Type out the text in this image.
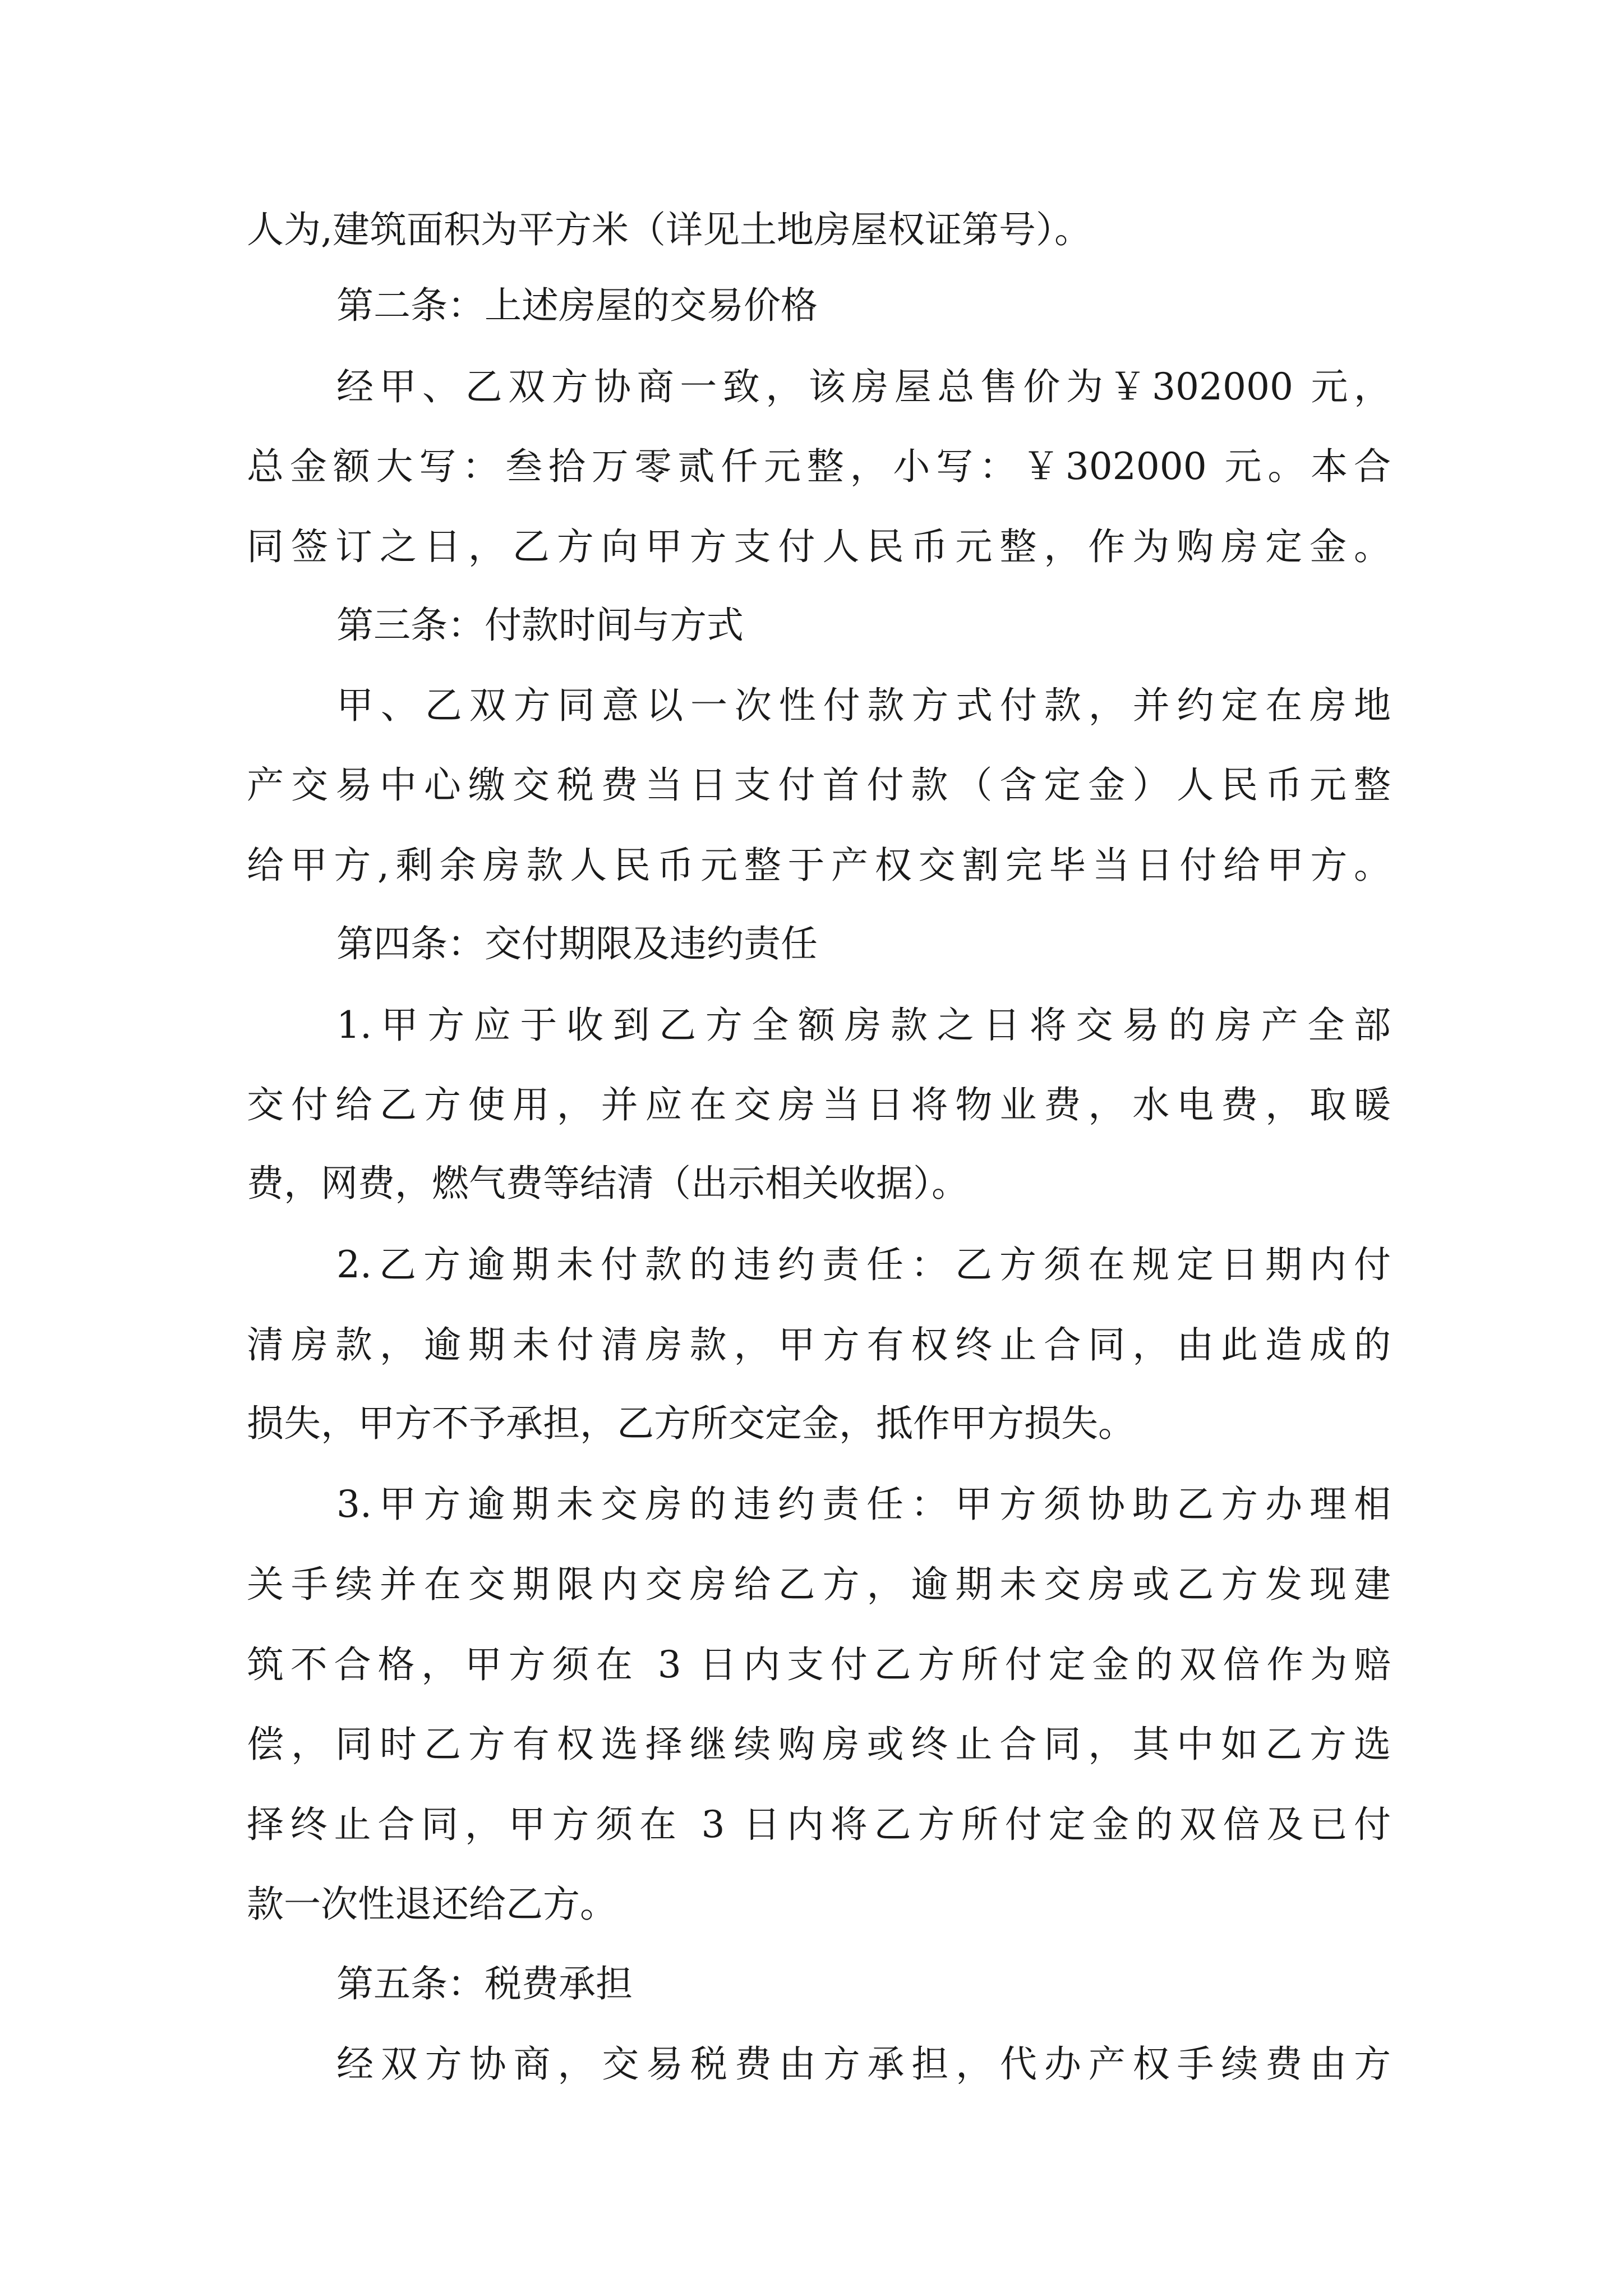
人为,建筑面积为平方米（详见土地房屋权证第号）。
第二条：上述房屋的交易价格
经甲、乙双方协商一致，该房屋总售价为￥302000 元，
总金额大写：叁拾万零贰仟元整，小写：￥302000 元。本合
同签订之日，乙方向甲方支付人民币元整，作为购房定金。
第三条：付款时间与方式
甲、乙双方同意以一次性付款方式付款，并约定在房地
产交易中心缴交税费当日支付首付款（含定金）人民币元整
给甲方,剩余房款人民币元整于产权交割完毕当日付给甲方。
第四条：交付期限及违约责任
1.甲方应于收到乙方全额房款之日将交易的房产全部
交付给乙方使用，并应在交房当日将物业费，水电费，取暖
费，网费，燃气费等结清（出示相关收据）。
2.乙方逾期未付款的违约责任：乙方须在规定日期内付
清房款，逾期未付清房款，甲方有权终止合同，由此造成的
损失，甲方不予承担，乙方所交定金，抵作甲方损失。
3.甲方逾期未交房的违约责任：甲方须协助乙方办理相
关手续并在交期限内交房给乙方，逾期未交房或乙方发现建
筑不合格，甲方须在 3 日内支付乙方所付定金的双倍作为赔
偿，同时乙方有权选择继续购房或终止合同，其中如乙方选
择终止合同，甲方须在 3 日内将乙方所付定金的双倍及已付
款一次性退还给乙方。
第五条：税费承担
经双方协商，交易税费由方承担，代办产权手续费由方
